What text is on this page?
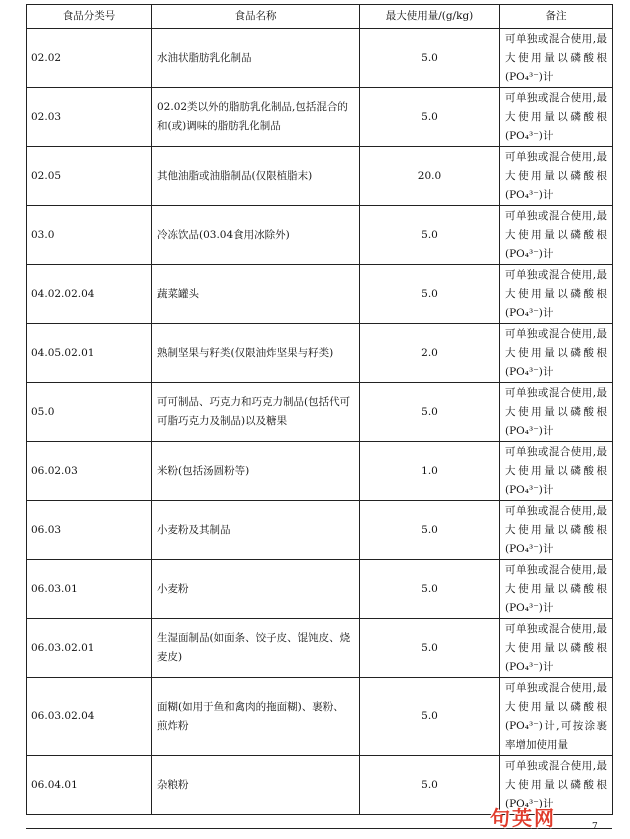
食品分类号	食品名称	最大使用量/(g/kg)	备注
02.02	水油状脂肪乳化制品	5.0	可单独或混合使用,最大使用量以磷酸根(PO₄³⁻)计
02.03	02.02类以外的脂肪乳化制品,包括混合的和(或)调味的脂肪乳化制品	5.0	可单独或混合使用,最大使用量以磷酸根(PO₄³⁻)计
02.05	其他油脂或油脂制品(仅限植脂末)	20.0	可单独或混合使用,最大使用量以磷酸根(PO₄³⁻)计
03.0	冷冻饮品(03.04食用冰除外)	5.0	可单独或混合使用,最大使用量以磷酸根(PO₄³⁻)计
04.02.02.04	蔬菜罐头	5.0	可单独或混合使用,最大使用量以磷酸根(PO₄³⁻)计
04.05.02.01	熟制坚果与籽类(仅限油炸坚果与籽类)	2.0	可单独或混合使用,最大使用量以磷酸根(PO₄³⁻)计
05.0	可可制品、巧克力和巧克力制品(包括代可可脂巧克力及制品)以及糖果	5.0	可单独或混合使用,最大使用量以磷酸根(PO₄³⁻)计
06.02.03	米粉(包括汤圆粉等)	1.0	可单独或混合使用,最大使用量以磷酸根(PO₄³⁻)计
06.03	小麦粉及其制品	5.0	可单独或混合使用,最大使用量以磷酸根(PO₄³⁻)计
06.03.01	小麦粉	5.0	可单独或混合使用,最大使用量以磷酸根(PO₄³⁻)计
06.03.02.01	生湿面制品(如面条、饺子皮、馄饨皮、烧麦皮)	5.0	可单独或混合使用,最大使用量以磷酸根(PO₄³⁻)计
06.03.02.04	面糊(如用于鱼和禽肉的拖面糊)、裹粉、煎炸粉	5.0	可单独或混合使用,最大使用量以磷酸根(PO₄³⁻)计,可按涂裹率增加使用量
06.04.01	杂粮粉	5.0	可单独或混合使用,最大使用量以磷酸根(PO₄³⁻)计
句英网	7
